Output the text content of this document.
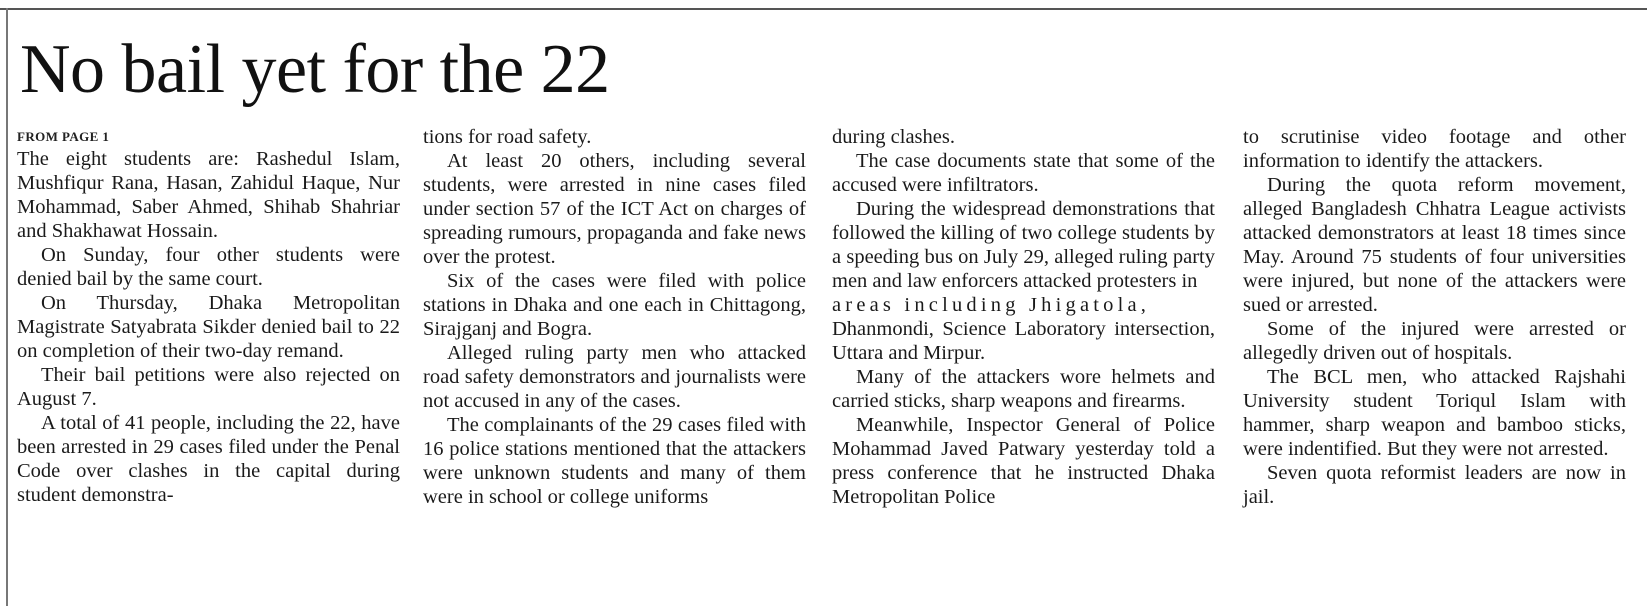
No bail yet for the 22
FROM PAGE 1

The eight students are: Rashedul Islam, Mushfiqur Rana, Hasan, Zahidul Haque, Nur Mohammad, Saber Ahmed, Shihab Shahriar and Shakhawat Hossain.

On Sunday, four other students were denied bail by the same court.

On Thursday, Dhaka Metropolitan Magistrate Satyabrata Sikder denied bail to 22 on completion of their two-day remand.

Their bail petitions were also rejected on August 7.

A total of 41 people, including the 22, have been arrested in 29 cases filed under the Penal Code over clashes in the capital during student demonstra-

tions for road safety.

At least 20 others, including several students, were arrested in nine cases filed under section 57 of the ICT Act on charges of spreading rumours, propaganda and fake news over the protest.

Six of the cases were filed with police stations in Dhaka and one each in Chittagong, Sirajganj and Bogra.

Alleged ruling party men who attacked road safety demonstrators and journalists were not accused in any of the cases.

The complainants of the 29 cases filed with 16 police stations mentioned that the attackers were unknown students and many of them were in school or college uniforms

during clashes.

The case documents state that some of the accused were infiltrators.

During the widespread demonstrations that followed the killing of two college students by a speeding bus on July 29, alleged ruling party men and law enforcers attacked protesters in

areas including Jhigatola,

Dhanmondi, Science Laboratory intersection, Uttara and Mirpur.

Many of the attackers wore helmets and carried sticks, sharp weapons and firearms.

Meanwhile, Inspector General of Police Mohammad Javed Patwary yesterday told a press conference that he instructed Dhaka Metropolitan Police

to scrutinise video footage and other information to identify the attackers.

During the quota reform movement, alleged Bangladesh Chhatra League activists attacked demonstrators at least 18 times since May. Around 75 students of four universities were injured, but none of the attackers were sued or arrested.

Some of the injured were arrested or allegedly driven out of hospitals.

The BCL men, who attacked Rajshahi University student Toriqul Islam with hammer, sharp weapon and bamboo sticks, were indentified. But they were not arrested.

Seven quota reformist leaders are now in jail.
